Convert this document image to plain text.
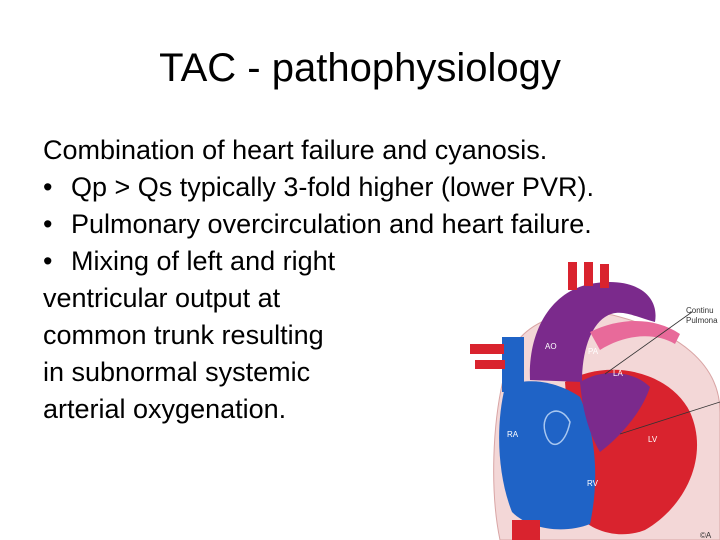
TAC - pathophysiology
Combination of heart failure and cyanosis.
• Qp > Qs typically 3-fold higher (lower PVR).
• Pulmonary overcirculation and heart failure.
• Mixing of left and right
ventricular output at
common trunk resulting
in subnormal systemic
arterial oxygenation.
AO
PA
LA
RA
LV
RV
Continu
Pulmona
©A
